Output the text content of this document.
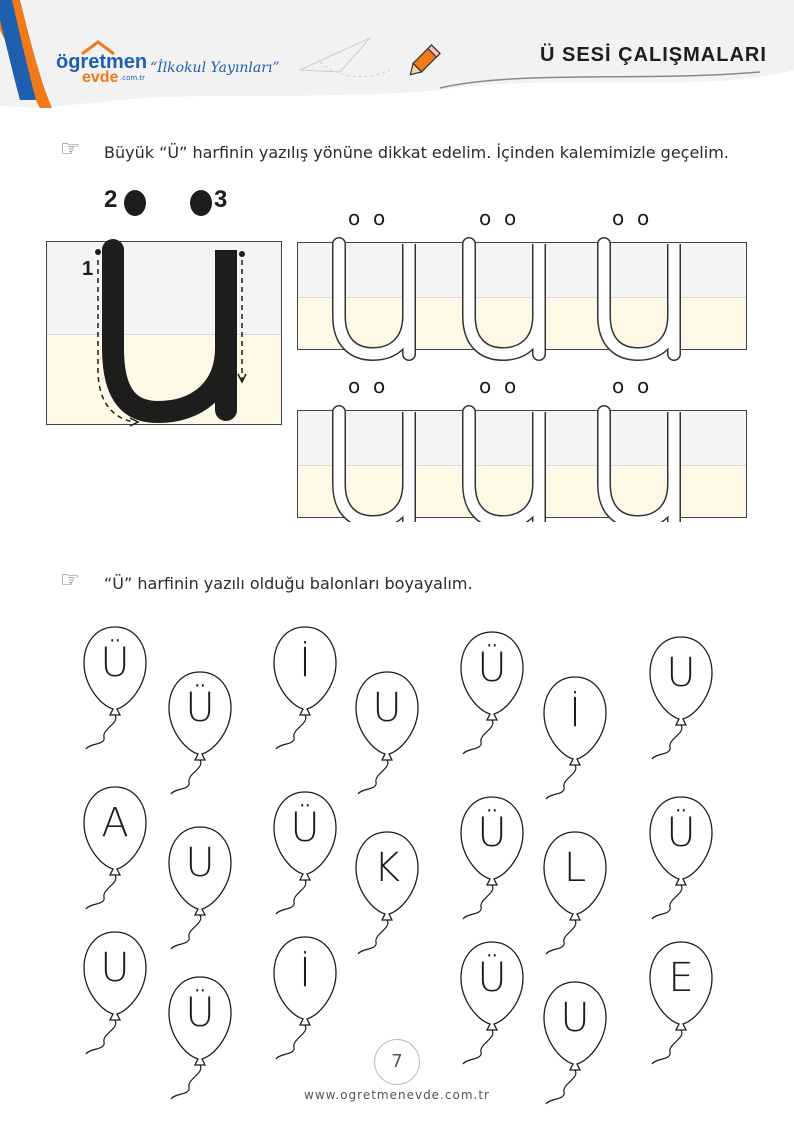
ögretmen
evde .com.tr
“İlkokul Yayınları”
Ü SESİ ÇALIŞMALARI
☞ Büyük “Ü” harfinin yazılış yönüne dikkat edelim. İçinden kalemimizle geçelim.
2	3
1
o  o	o  o	o  o
o  o	o  o	o  o
☞ “Ü” harfinin yazılı olduğu balonları boyayalım.
Ü
Ü
İ
U
Ü
İ
U
A
U
Ü
K
Ü
L
Ü
U
Ü
İ	Ü
U
E
7
www.ogretmenevde.com.tr
